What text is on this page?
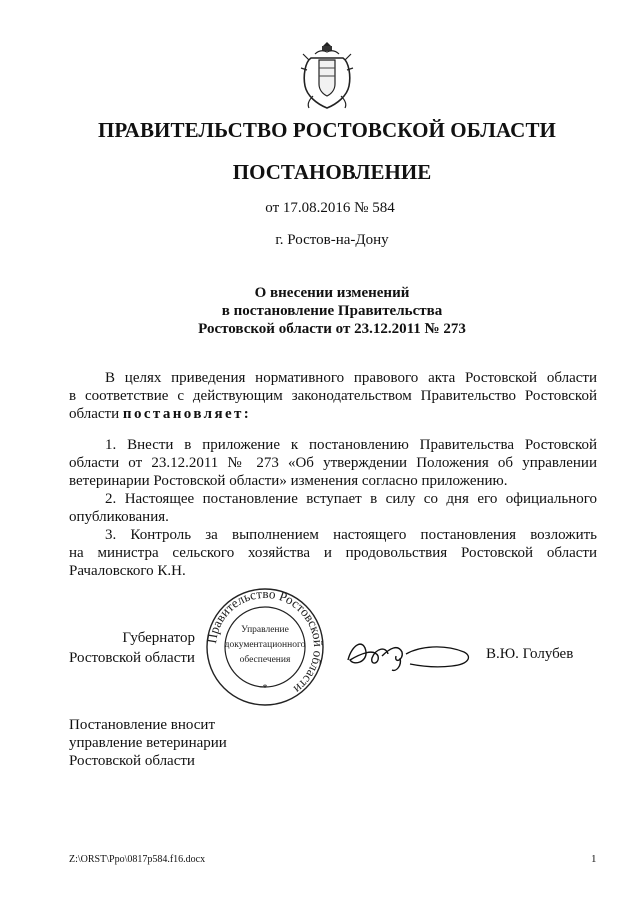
ПРАВИТЕЛЬСТВО РОСТОВСКОЙ ОБЛАСТИ
ПОСТАНОВЛЕНИЕ
от 17.08.2016 № 584
г. Ростов-на-Дону
О внесении изменений
в постановление Правительства
Ростовской области от 23.12.2011 № 273
В целях приведения нормативного правового акта Ростовской области
в соответствие с действующим законодательством Правительство Ростовской
области постановляет:
1. Внести в приложение к постановлению Правительства Ростовской
области от 23.12.2011 № 273 «Об утверждении Положения об управлении
ветеринарии Ростовской области» изменения согласно приложению.
2. Настоящее постановление вступает в силу со дня его официального
опубликования.
3. Контроль за выполнением настоящего постановления возложить
на министра сельского хозяйства и продовольствия Ростовской области
Рачаловского К.Н.
Губернатор
Ростовской области
Правительство Ростовской области
*
Управление
документационного
обеспечения	В.Ю. Голубев
Постановление вносит
управление ветеринарии
Ростовской области
Z:\ORST\Ppo\0817p584.f16.docx	1
